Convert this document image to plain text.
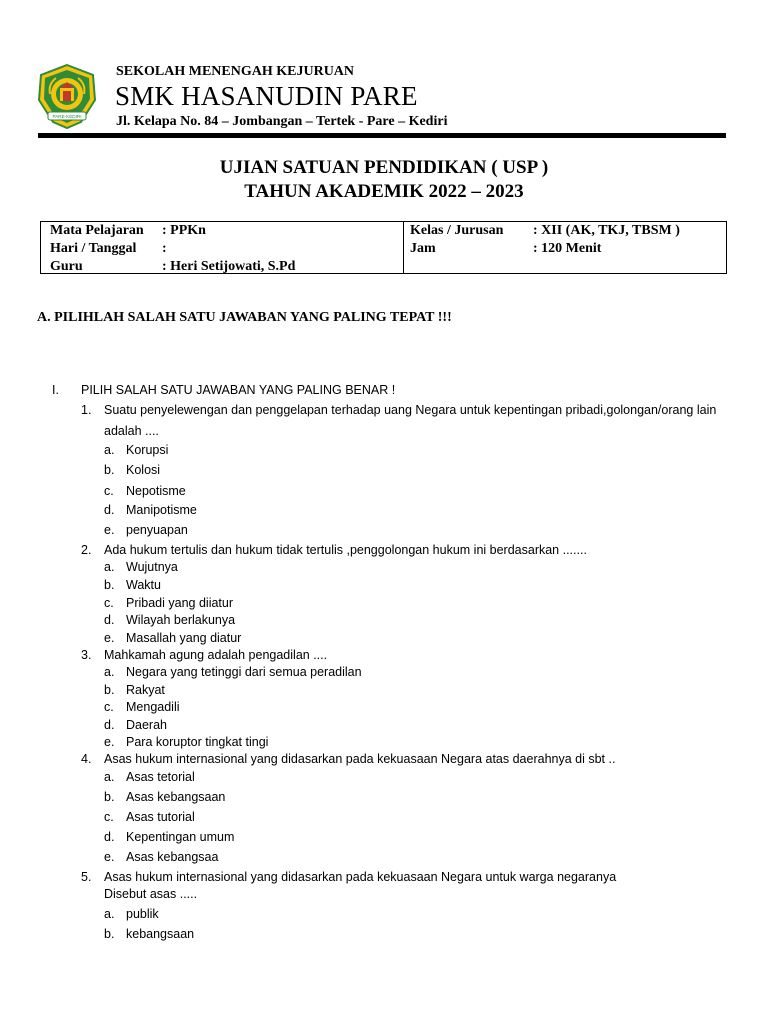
PARE-KEDIRI
SEKOLAH MENENGAH KEJURUAN
SMK HASANUDIN PARE
Jl. Kelapa No. 84 – Jombangan – Tertek - Pare – Kediri
UJIAN SATUAN PENDIDIKAN ( USP )
TAHUN AKADEMIK 2022 – 2023
Mata Pelajaran : PPKn
Hari / Tanggal :
Guru	: Heri Setijowati, S.Pd
Kelas / Jurusan : XII (AK, TKJ, TBSM )
Jam	: 120 Menit
A. PILIHLAH SALAH SATU JAWABAN YANG PALING TEPAT !!!
I. PILIH SALAH SATU JAWABAN YANG PALING BENAR !
1. Suatu penyelewengan dan penggelapan terhadap uang Negara untuk kepentingan pribadi,golongan/orang lain
adalah ....
a. Korupsi
b. Kolosi
c. Nepotisme
d. Manipotisme
e. penyuapan
2. Ada hukum tertulis dan hukum tidak tertulis ,penggolongan hukum ini berdasarkan .......
a. Wujutnya
b. Waktu
c. Pribadi yang diiatur
d. Wilayah berlakunya
e. Masallah yang diatur
3. Mahkamah agung adalah pengadilan ....
a. Negara yang tetinggi dari semua peradilan
b. Rakyat
c. Mengadili
d. Daerah
e. Para koruptor tingkat tingi
4. Asas hukum internasional yang didasarkan pada kekuasaan Negara atas daerahnya di sbt ..
a. Asas tetorial
b. Asas kebangsaan
c. Asas tutorial
d. Kepentingan umum
e. Asas kebangsaa
5. Asas hukum internasional yang didasarkan pada kekuasaan Negara untuk warga negaranya
Disebut asas .....
a. publik
b. kebangsaan
